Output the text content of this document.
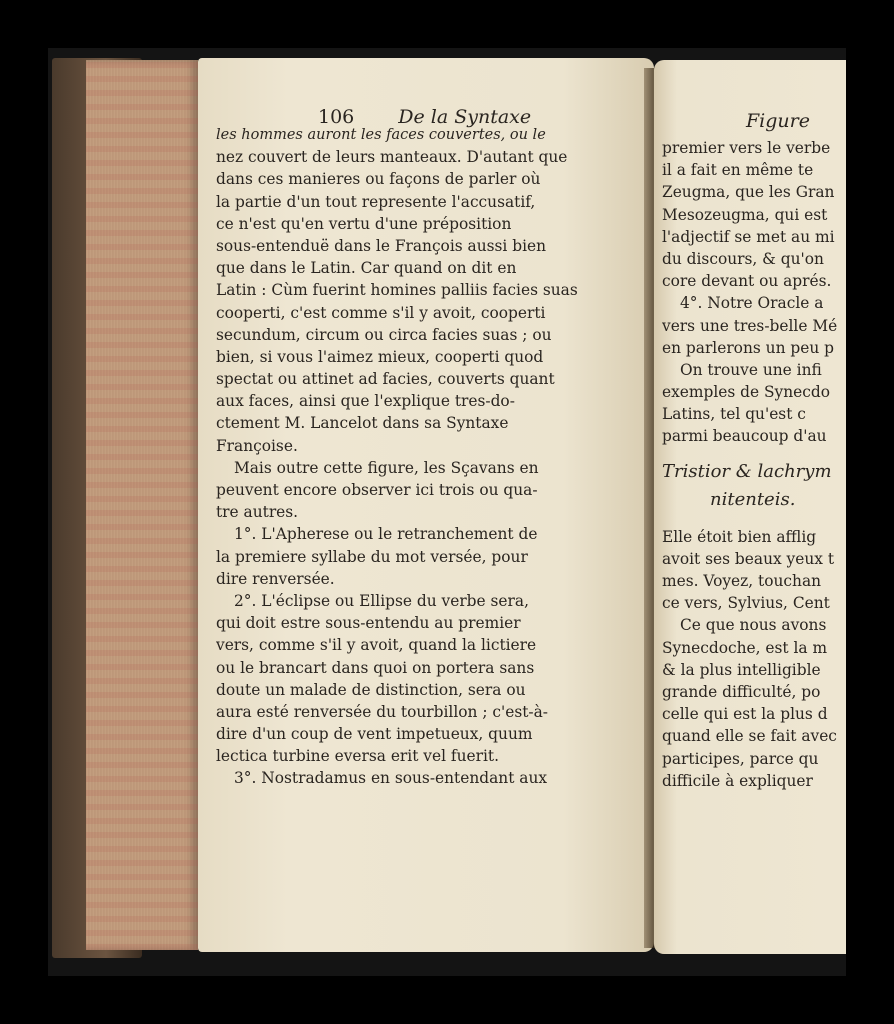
106 De la Syntaxe
les hommes auront les faces couvertes, ou le
nez couvert de leurs manteaux. D'autant que
dans ces manieres ou façons de parler où
la partie d'un tout represente l'accusatif,
ce n'est qu'en vertu d'une préposition
sous-entenduë dans le François aussi bien
que dans le Latin. Car quand on dit en
Latin : Cùm fuerint homines palliis facies suas
cooperti, c'est comme s'il y avoit, cooperti
secundum, circum ou circa facies suas ; ou
bien, si vous l'aimez mieux, cooperti quod
spectat ou attinet ad facies, couverts quant
aux faces, ainsi que l'explique tres-do-
ctement M. Lancelot dans sa Syntaxe
Françoise.
Mais outre cette figure, les Sçavans en
peuvent encore observer ici trois ou qua-
tre autres.
1°. L'Apherese ou le retranchement de
la premiere syllabe du mot versée, pour
dire renversée.
2°. L'éclipse ou Ellipse du verbe sera,
qui doit estre sous-entendu au premier
vers, comme s'il y avoit, quand la lictiere
ou le brancart dans quoi on portera sans
doute un malade de distinction, sera ou
aura esté renversée du tourbillon ; c'est-à-
dire d'un coup de vent impetueux, quum
lectica turbine eversa erit vel fuerit.
3°. Nostradamus en sous-entendant aux
Figure
premier vers le verbe
il a fait en même te
Zeugma, que les Gran
Mesozeugma, qui est
l'adjectif se met au mi
du discours, & qu'on
core devant ou aprés.
4°. Notre Oracle a
vers une tres-belle Mé
en parlerons un peu p
On trouve une infi
exemples de Synecdo
Latins, tel qu'est c
parmi beaucoup d'au
Tristior & lachrym
nitenteis.
Elle étoit bien afflig
avoit ses beaux yeux t
mes. Voyez, touchan
ce vers, Sylvius, Cent
Ce que nous avons
Synecdoche, est la m
& la plus intelligible
grande difficulté, po
celle qui est la plus d
quand elle se fait avec
participes, parce qu
difficile à expliquer
